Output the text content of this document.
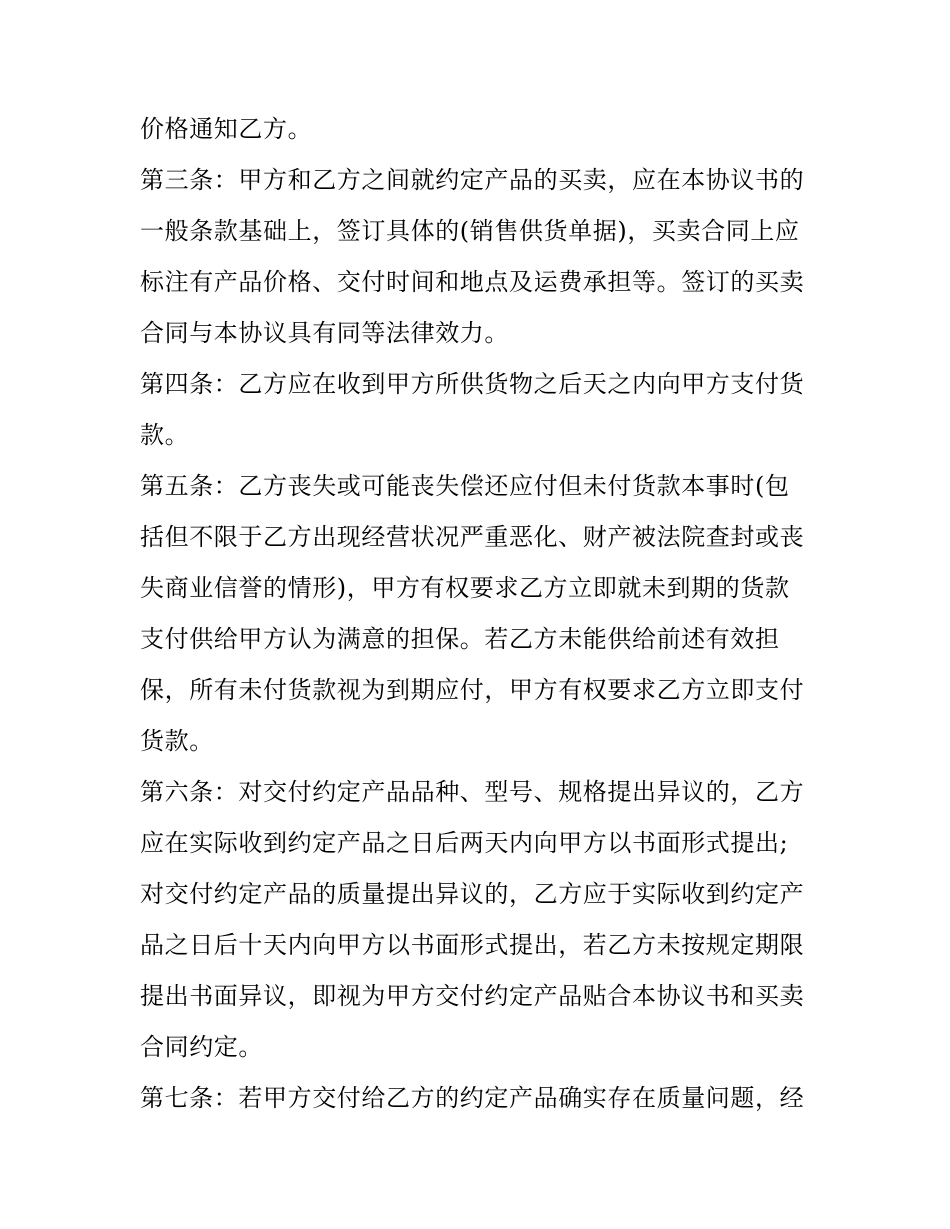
价格通知乙方。
第三条：甲方和乙方之间就约定产品的买卖，应在本协议书的
一般条款基础上，签订具体的(销售供货单据)，买卖合同上应
标注有产品价格、交付时间和地点及运费承担等。签订的买卖
合同与本协议具有同等法律效力。
第四条：乙方应在收到甲方所供货物之后天之内向甲方支付货
款。
第五条：乙方丧失或可能丧失偿还应付但未付货款本事时(包
括但不限于乙方出现经营状况严重恶化、财产被法院查封或丧
失商业信誉的情形)，甲方有权要求乙方立即就未到期的货款
支付供给甲方认为满意的担保。若乙方未能供给前述有效担
保，所有未付货款视为到期应付，甲方有权要求乙方立即支付
货款。
第六条：对交付约定产品品种、型号、规格提出异议的，乙方
应在实际收到约定产品之日后两天内向甲方以书面形式提出;
对交付约定产品的质量提出异议的，乙方应于实际收到约定产
品之日后十天内向甲方以书面形式提出，若乙方未按规定期限
提出书面异议，即视为甲方交付约定产品贴合本协议书和买卖
合同约定。
第七条：若甲方交付给乙方的约定产品确实存在质量问题，经
